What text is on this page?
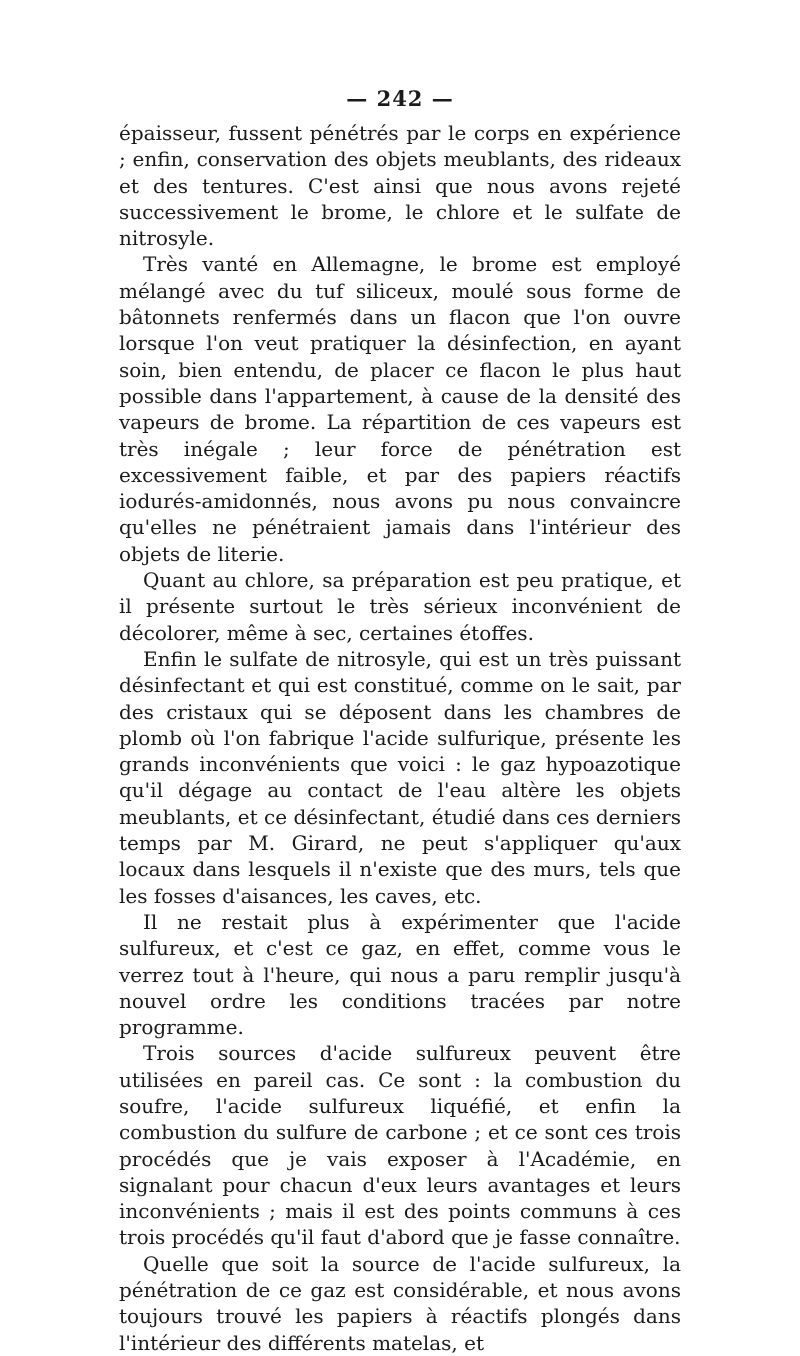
— 242 —

épaisseur, fussent pénétrés par le corps en expérience ; enfin, conservation des objets meublants, des rideaux et des tentures. C'est ainsi que nous avons rejeté successivement le brome, le chlore et le sulfate de nitrosyle.

Très vanté en Allemagne, le brome est employé mélangé avec du tuf siliceux, moulé sous forme de bâtonnets renfermés dans un flacon que l'on ouvre lorsque l'on veut pratiquer la désinfection, en ayant soin, bien entendu, de placer ce flacon le plus haut possible dans l'appartement, à cause de la densité des vapeurs de brome. La répartition de ces vapeurs est très inégale ; leur force de pénétration est excessivement faible, et par des papiers réactifs iodurés-amidonnés, nous avons pu nous convaincre qu'elles ne pénétraient jamais dans l'intérieur des objets de literie.

Quant au chlore, sa préparation est peu pratique, et il présente surtout le très sérieux inconvénient de décolorer, même à sec, certaines étoffes.

Enfin le sulfate de nitrosyle, qui est un très puissant désinfectant et qui est constitué, comme on le sait, par des cristaux qui se déposent dans les chambres de plomb où l'on fabrique l'acide sulfurique, présente les grands inconvénients que voici : le gaz hypoazotique qu'il dégage au contact de l'eau altère les objets meublants, et ce désinfectant, étudié dans ces derniers temps par M. Girard, ne peut s'appliquer qu'aux locaux dans lesquels il n'existe que des murs, tels que les fosses d'aisances, les caves, etc.

Il ne restait plus à expérimenter que l'acide sulfureux, et c'est ce gaz, en effet, comme vous le verrez tout à l'heure, qui nous a paru remplir jusqu'à nouvel ordre les conditions tracées par notre programme.

Trois sources d'acide sulfureux peuvent être utilisées en pareil cas. Ce sont : la combustion du soufre, l'acide sulfureux liquéfié, et enfin la combustion du sulfure de carbone ; et ce sont ces trois procédés que je vais exposer à l'Académie, en signalant pour chacun d'eux leurs avantages et leurs inconvénients ; mais il est des points communs à ces trois procédés qu'il faut d'abord que je fasse connaître.

Quelle que soit la source de l'acide sulfureux, la pénétration de ce gaz est considérable, et nous avons toujours trouvé les papiers à réactifs plongés dans l'intérieur des différents matelas, et
